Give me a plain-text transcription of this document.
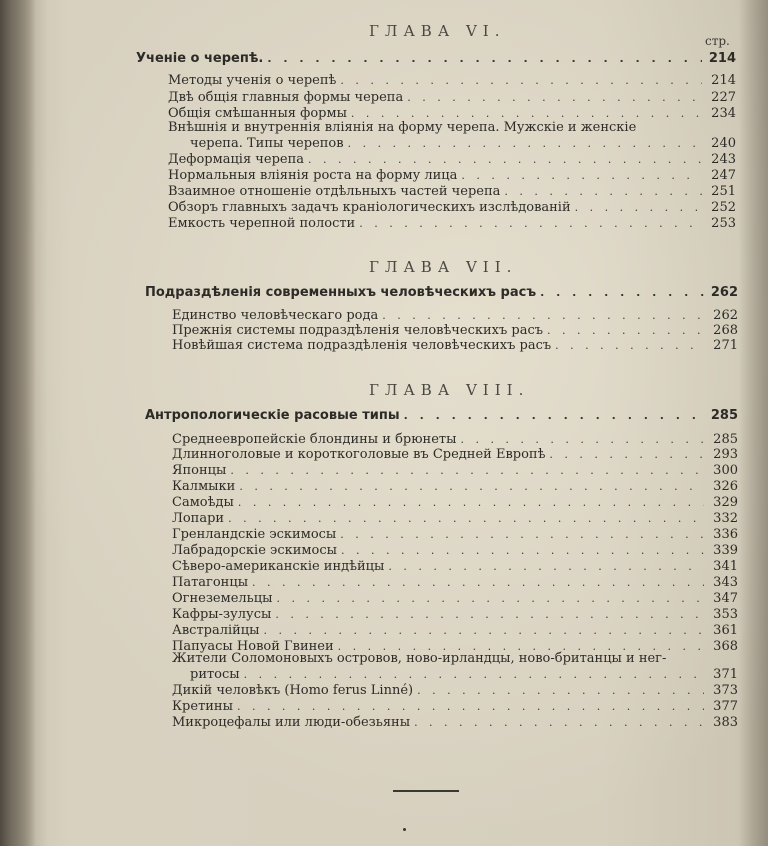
ГЛАВА VI.
стр.
Ученіе о черепѣ. . . .	214
Методы ученія о черепѣ . . .	214
Двѣ общія главныя формы черепа . . .	227
Общія смѣшанныя формы . . .	234
Внѣшнія и внутреннія вліянія на форму черепа. Мужскіе и женскіе
черепа. Типы черепов . . .	240
Деформація черепа . . .	243
Нормальныя вліянія роста на форму лица . . .	247
Взаимное отношеніе отдѣльныхъ частей черепа . . .	251
Обзоръ главныхъ задачъ краніологическихъ изслѣдованій . . .	252
Емкость черепной полости . . .	253
ГЛАВА VII.
Подраздѣленія современныхъ человѣческихъ расъ . . .	262
Единство человѣческаго рода . . .	262
Прежнія системы подраздѣленія человѣческихъ расъ . . .	268
Новѣйшая система подраздѣленія человѣческихъ расъ . . .	271
ГЛАВА VIII.
Антропологическіе расовые типы . . .	285
Среднеевропейскіе блондины и брюнеты . . .	285
Длинноголовые и короткоголовые въ Средней Европѣ . . .	293
Японцы . . .	300
Калмыки . . .	326
Самоѣды . . .	329
Лопари . . .	332
Гренландскіе эскимосы . . .	336
Лабрадорскіе эскимосы . . .	339
Сѣверо-американскіе индѣйцы . . .	341
Патагонцы . . .	343
Огнеземельцы . . .	347
Кафры-зулусы . . .	353
Австралійцы . . .	361
Папуасы Новой Гвинеи . . .	368
Жители Соломоновыхъ островов, ново-ирландцы, ново-британцы и нег-
ритосы . . .	371
Дикій человѣкъ (Homo ferus Linné) . . .	373
Кретины . . .	377
Микроцефалы или люди-обезьяны . . .	383
